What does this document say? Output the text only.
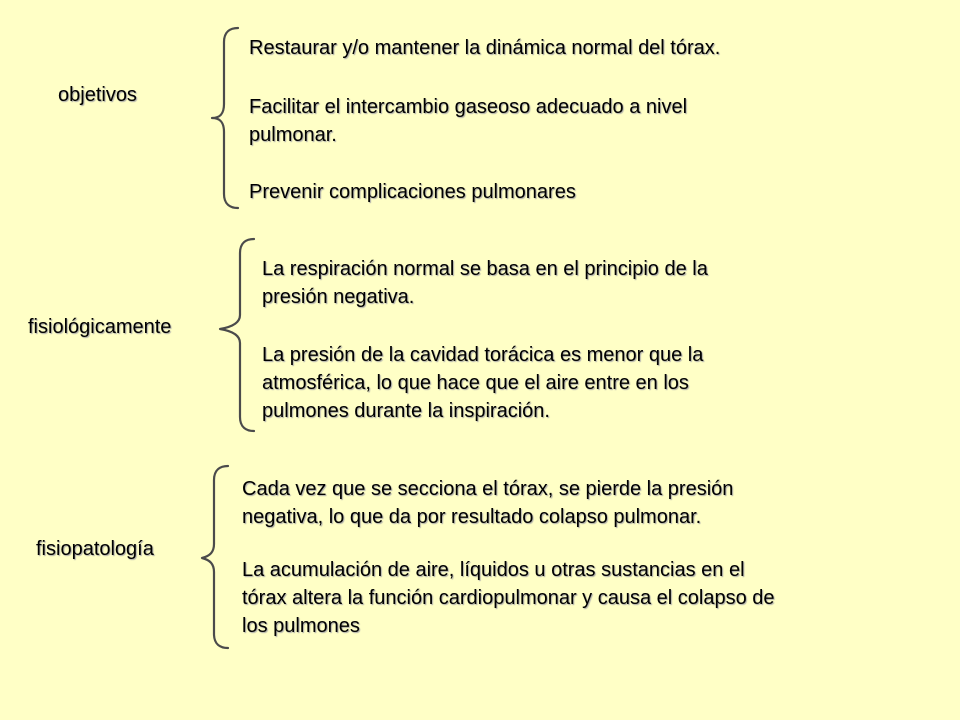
objetivos

Restaurar y/o mantener la dinámica normal del tórax.

Facilitar el intercambio gaseoso adecuado a nivel

pulmonar.

Prevenir complicaciones pulmonares

fisiológicamente

La respiración normal se basa en el principio de la

presión negativa.

La presión de la cavidad torácica es menor que la

atmosférica, lo que hace que el aire entre en los

pulmones durante la inspiración.

fisiopatología

Cada vez que se secciona el tórax, se pierde la presión

negativa, lo que da por resultado colapso pulmonar.

La acumulación de aire, líquidos u otras sustancias en el

tórax altera la función cardiopulmonar y causa el colapso de

los pulmones
